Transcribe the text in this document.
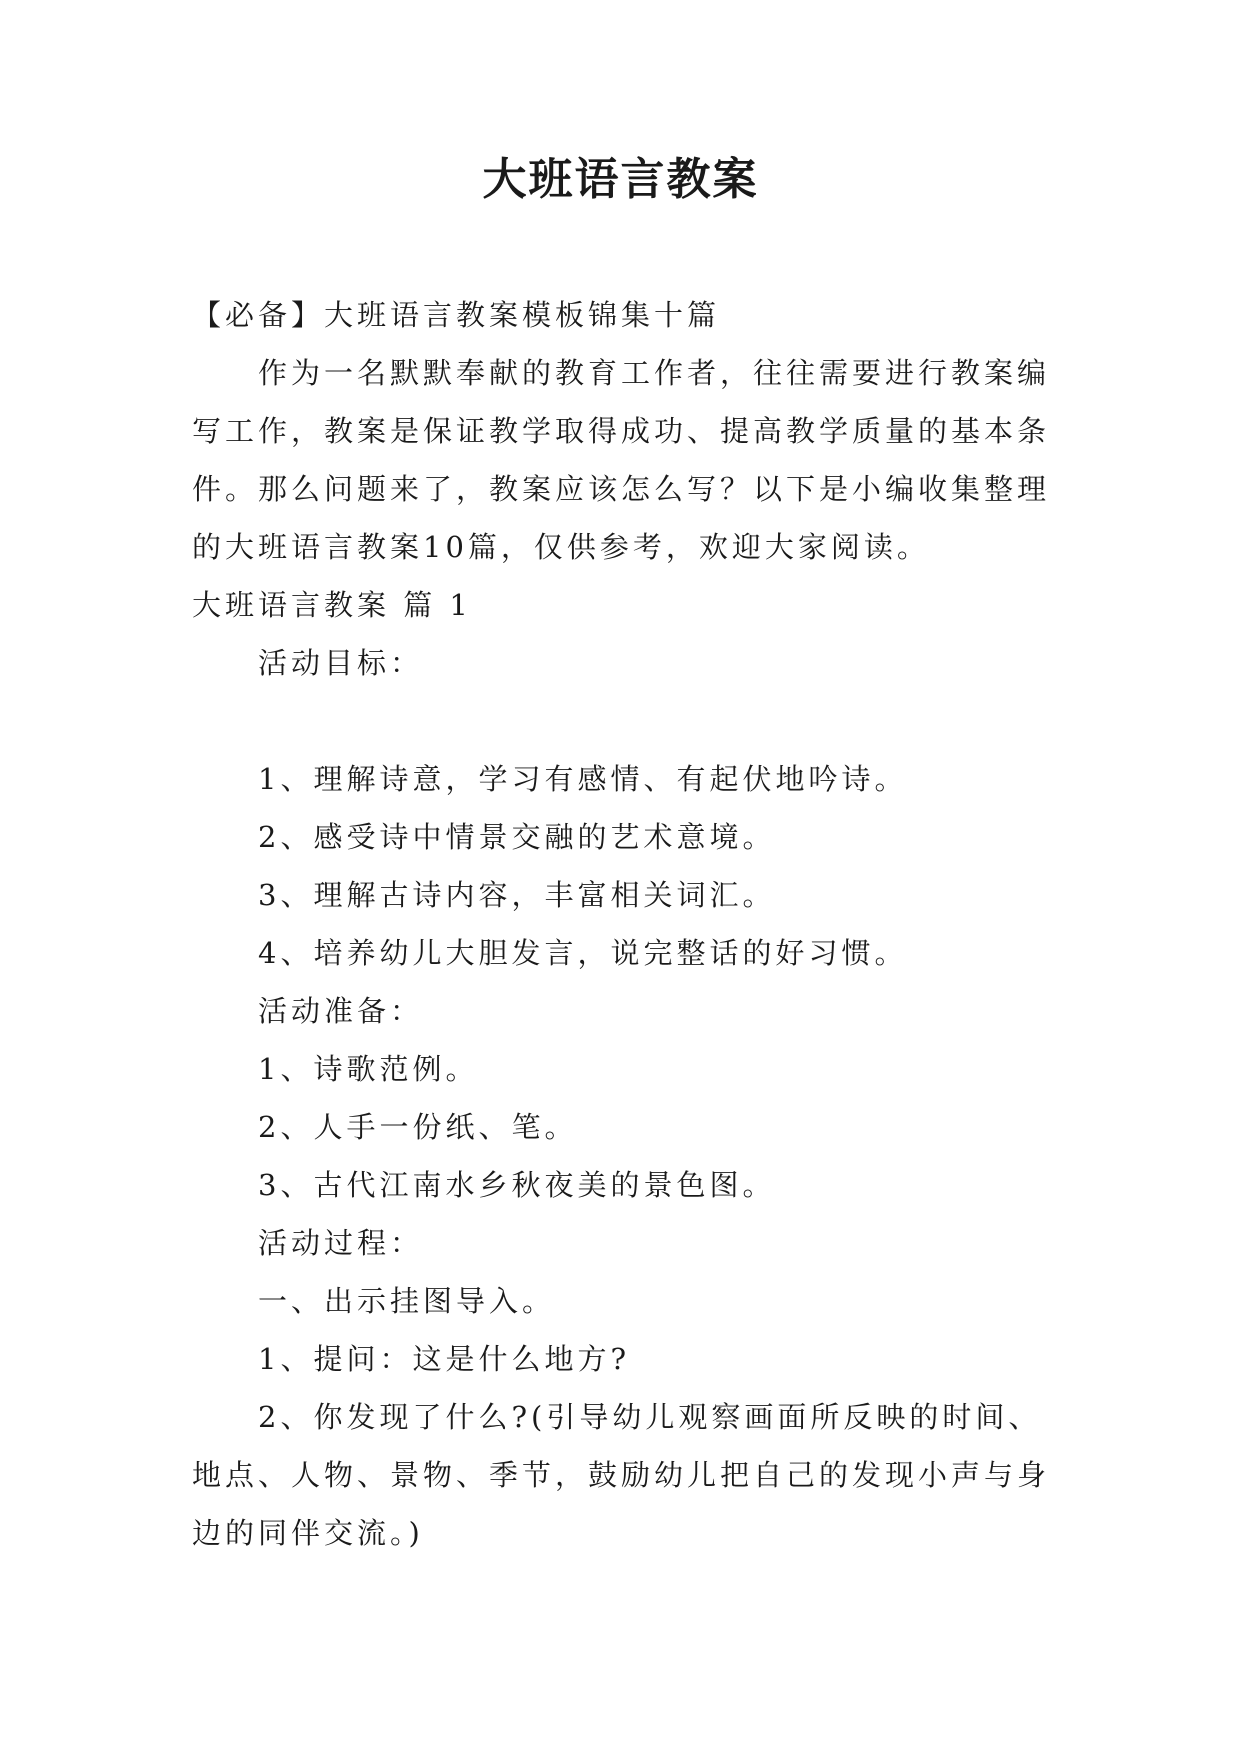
大班语言教案

【必备】大班语言教案模板锦集十篇

作为一名默默奉献的教育工作者，往往需要进行教案编写工作，教案是保证教学取得成功、提高教学质量的基本条件。那么问题来了，教案应该怎么写？以下是小编收集整理的大班语言教案10篇，仅供参考，欢迎大家阅读。

大班语言教案 篇 1

活动目标：

1、理解诗意，学习有感情、有起伏地吟诗。

2、感受诗中情景交融的艺术意境。

3、理解古诗内容，丰富相关词汇。

4、培养幼儿大胆发言，说完整话的好习惯。

活动准备：

1、诗歌范例。

2、人手一份纸、笔。

3、古代江南水乡秋夜美的景色图。

活动过程：

一、出示挂图导入。

1、提问：这是什么地方?

2、你发现了什么?(引导幼儿观察画面所反映的时间、地点、人物、景物、季节，鼓励幼儿把自己的发现小声与身边的同伴交流。)
